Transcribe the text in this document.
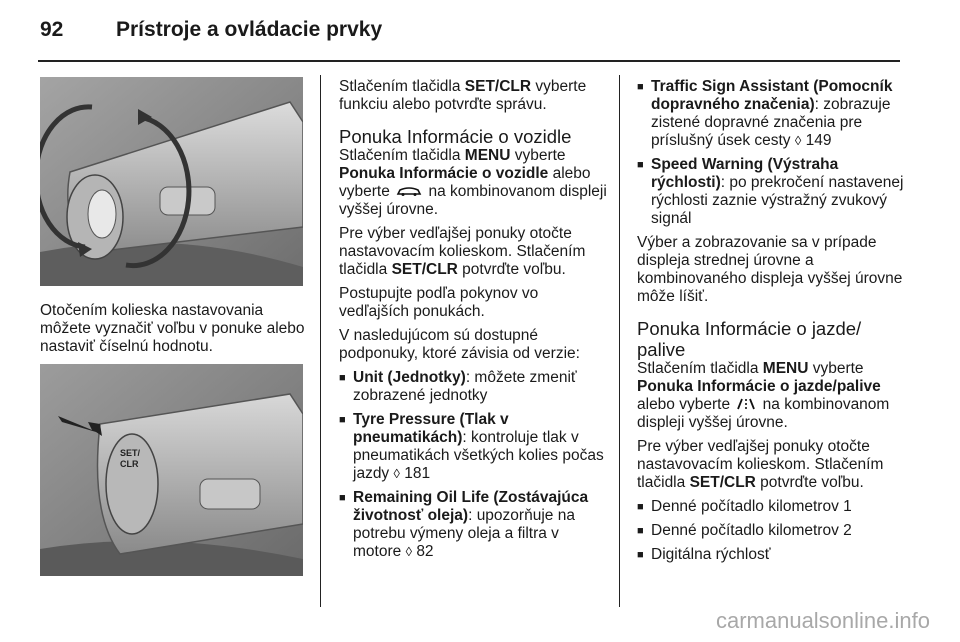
92	Prístroje a ovládacie prvky
Otočením kolieska nastavovania môžete vyznačiť voľbu v ponuke alebo nastaviť číselnú hodnotu.
SET/
CLR

Stlačením tlačidla SET/CLR vyberte funkciu alebo potvrďte správu.

Ponuka Informácie o vozidle

Stlačením tlačidla MENU vyberte Ponuka Informácie o vozidle alebo vyberte  na kombinovanom displeji vyššej úrovne.

Pre výber vedľajšej ponuky otočte nastavovacím kolieskom. Stlačením tlačidla SET/CLR potvrďte voľbu.

Postupujte podľa pokynov vo vedľajších ponukách.

V nasledujúcom sú dostupné podponuky, ktoré závisia od verzie:

■ Unit (Jednotky): môžete zmeniť zobrazené jednotky
■ Tyre Pressure (Tlak v pneumatikách): kontroluje tlak v pneumatikách všetkých kolies počas jazdy ◊ 181
■ Remaining Oil Life (Zostávajúca životnosť oleja): upozorňuje na potrebu výmeny oleja a filtra v motore ◊ 82
■ Traffic Sign Assistant (Pomocník dopravného značenia): zobrazuje zistené dopravné značenia pre príslušný úsek cesty ◊ 149
■ Speed Warning (Výstraha rýchlosti): po prekročení nastavenej rýchlosti zaznie výstražný zvukový signál

Výber a zobrazovanie sa v prípade displeja strednej úrovne a kombinovaného displeja vyššej úrovne môže líšiť.

Ponuka Informácie o jazde/ palive

Stlačením tlačidla MENU vyberte Ponuka Informácie o jazde/palive alebo vyberte  na kombinovanom displeji vyššej úrovne.

Pre výber vedľajšej ponuky otočte nastavovacím kolieskom. Stlačením tlačidla SET/CLR potvrďte voľbu.

■ Denné počítadlo kilometrov 1
■ Denné počítadlo kilometrov 2
■ Digitálna rýchlosť
carmanualsonline.info
